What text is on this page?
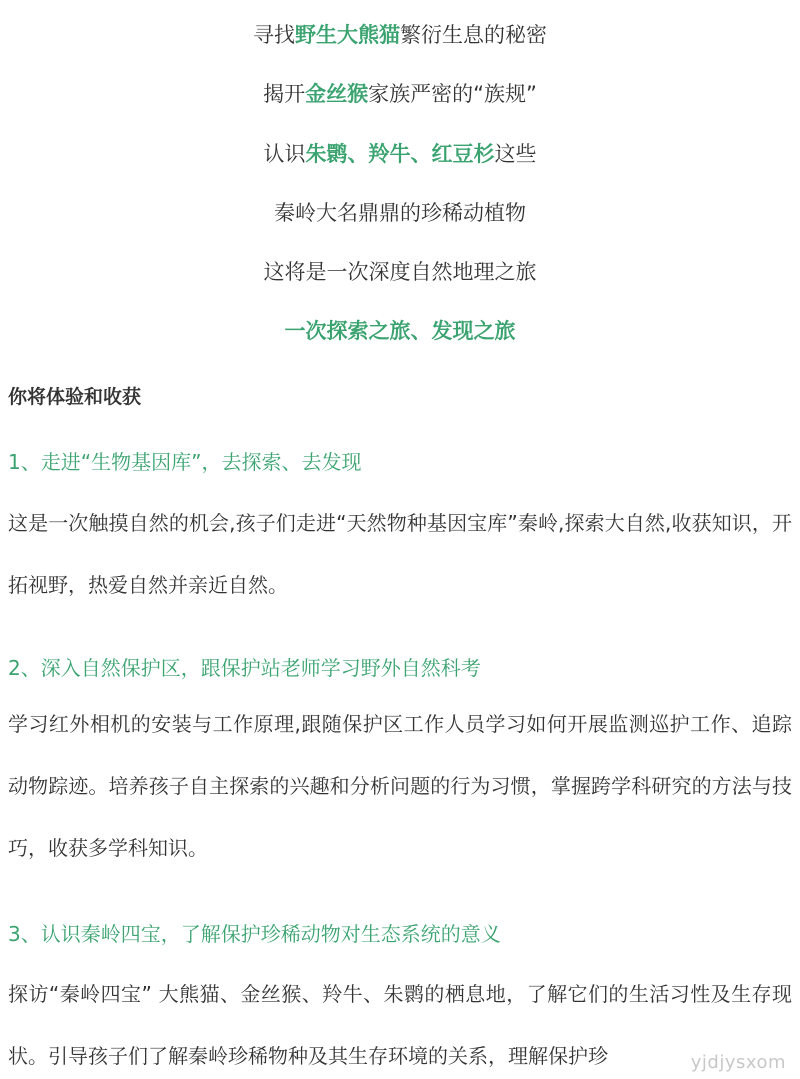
寻找野生大熊猫繁衍生息的秘密
揭开金丝猴家族严密的“族规”
认识朱鹮、羚牛、红豆杉这些
秦岭大名鼎鼎的珍稀动植物
这将是一次深度自然地理之旅
一次探索之旅、发现之旅
你将体验和收获
1、走进“生物基因库”，去探索、去发现
这是一次触摸自然的机会,孩子们走进“天然物种基因宝库”秦岭,探索大自然,收获知识，开拓视野，热爱自然并亲近自然。
2、深入自然保护区，跟保护站老师学习野外自然科考
学习红外相机的安装与工作原理,跟随保护区工作人员学习如何开展监测巡护工作、追踪动物踪迹。培养孩子自主探索的兴趣和分析问题的行为习惯，掌握跨学科研究的方法与技巧，收获多学科知识。
3、认识秦岭四宝，了解保护珍稀动物对生态系统的意义
探访“秦岭四宝” 大熊猫、金丝猴、羚牛、朱鹮的栖息地，了解它们的生活习性及生存现状。引导孩子们了解秦岭珍稀物种及其生存环境的关系，理解保护珍	yjdjysxom
